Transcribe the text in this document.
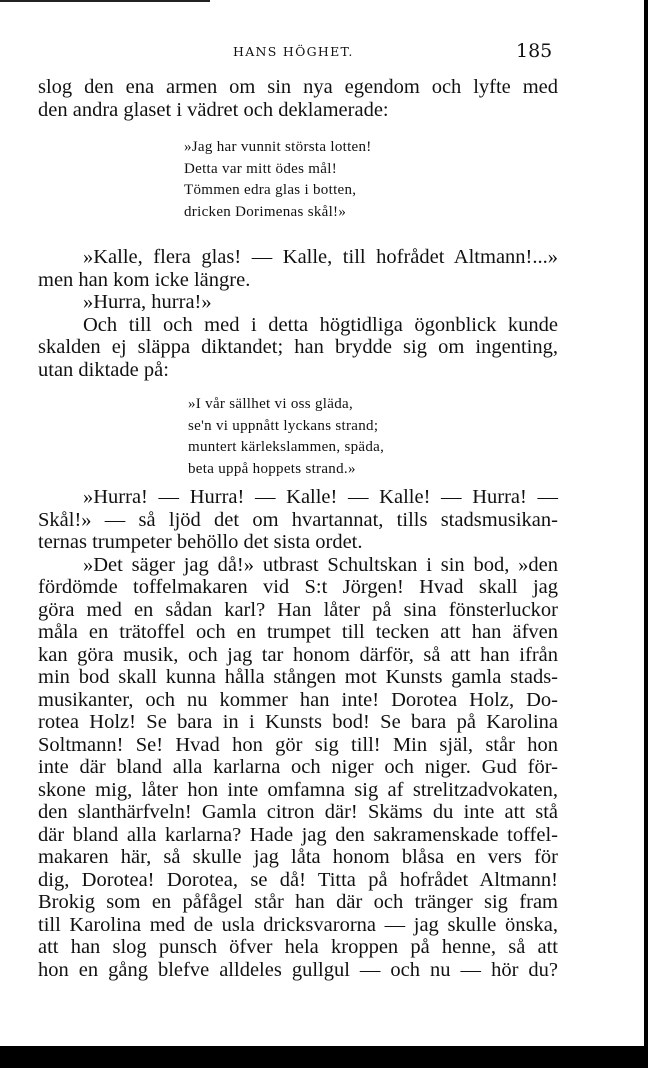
HANS HÖGHET.	185
slog den ena armen om sin nya egendom och lyfte med
den andra glaset i vädret och deklamerade:
»Jag har vunnit största lotten!
Detta var mitt ödes mål!
Tömmen edra glas i botten,
dricken Dorimenas skål!»
»Kalle, flera glas! — Kalle, till hofrådet Altmann!...»
men han kom icke längre.
»Hurra, hurra!»
Och till och med i detta högtidliga ögonblick kunde
skalden ej släppa diktandet; han brydde sig om ingenting,
utan diktade på:
»I vår sällhet vi oss gläda,
se'n vi uppnått lyckans strand;
muntert kärlekslammen, späda,
beta uppå hoppets strand.»
»Hurra! — Hurra! — Kalle! — Kalle! — Hurra! —
Skål!» — så ljöd det om hvartannat, tills stadsmusikan-
ternas trumpeter behöllo det sista ordet.
»Det säger jag då!» utbrast Schultskan i sin bod, »den
fördömde toffelmakaren vid S:t Jörgen! Hvad skall jag
göra med en sådan karl? Han låter på sina fönsterluckor
måla en trätoffel och en trumpet till tecken att han äfven
kan göra musik, och jag tar honom därför, så att han ifrån
min bod skall kunna hålla stången mot Kunsts gamla stads-
musikanter, och nu kommer han inte! Dorotea Holz, Do-
rotea Holz! Se bara in i Kunsts bod! Se bara på Karolina
Soltmann! Se! Hvad hon gör sig till! Min själ, står hon
inte där bland alla karlarna och niger och niger. Gud för-
skone mig, låter hon inte omfamna sig af strelitzadvokaten,
den slanthärfveln! Gamla citron där! Skäms du inte att stå
där bland alla karlarna? Hade jag den sakramenskade toffel-
makaren här, så skulle jag låta honom blåsa en vers för
dig, Dorotea! Dorotea, se då! Titta på hofrådet Altmann!
Brokig som en påfågel står han där och tränger sig fram
till Karolina med de usla dricksvarorna — jag skulle önska,
att han slog punsch öfver hela kroppen på henne, så att
hon en gång blefve alldeles gullgul — och nu — hör du?
